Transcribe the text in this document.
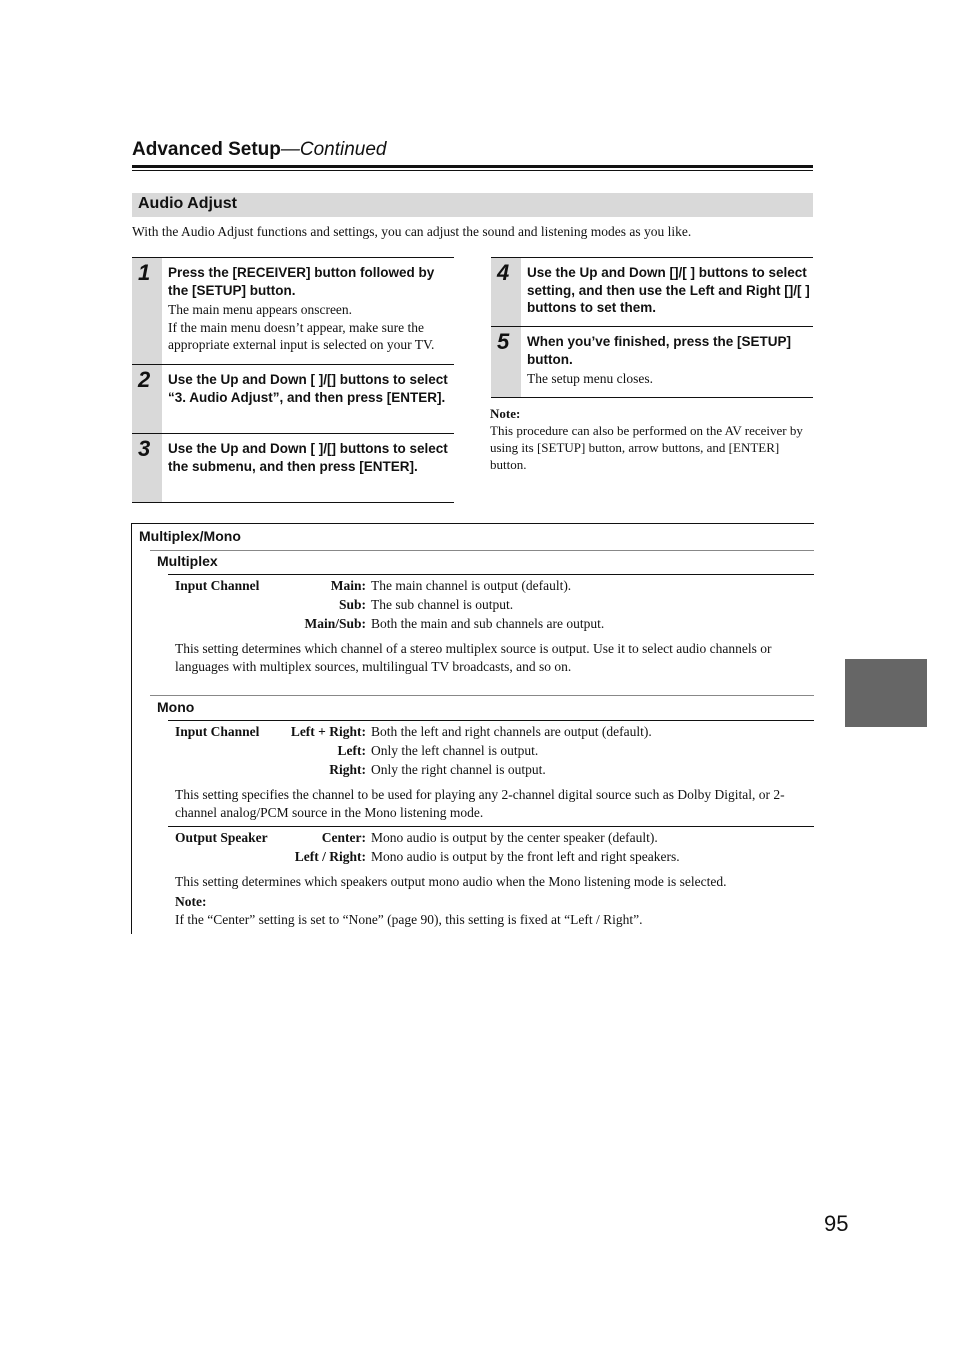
Advanced Setup—Continued
Audio Adjust
With the Audio Adjust functions and settings, you can adjust the sound and listening modes as you like.
1 Press the [RECEIVER] button followed by the [SETUP] button.
The main menu appears onscreen.
If the main menu doesn’t appear, make sure the appropriate external input is selected on your TV.
2 Use the Up and Down [ ]/[] buttons to select “3. Audio Adjust”, and then press [ENTER].
3 Use the Up and Down [ ]/[] buttons to select the submenu, and then press [ENTER].
4 Use the Up and Down []/[ ] buttons to select setting, and then use the Left and Right []/[ ] buttons to set them.
5 When you’ve finished, press the [SETUP] button.
The setup menu closes.
Note:
This procedure can also be performed on the AV receiver by using its [SETUP] button, arrow buttons, and [ENTER] button.
Multiplex/Mono
Multiplex
Input Channel	Main: The main channel is output (default).
Sub: The sub channel is output.
Main/Sub: Both the main and sub channels are output.
This setting determines which channel of a stereo multiplex source is output. Use it to select audio channels or languages with multiplex sources, multilingual TV broadcasts, and so on.
Mono
Input Channel	Left + Right: Both the left and right channels are output (default).
Left: Only the left channel is output.
Right: Only the right channel is output.
This setting specifies the channel to be used for playing any 2-channel digital source such as Dolby Digital, or 2-channel analog/PCM source in the Mono listening mode.
Output Speaker	Center: Mono audio is output by the center speaker (default).
Left / Right: Mono audio is output by the front left and right speakers.
This setting determines which speakers output mono audio when the Mono listening mode is selected.
Note:
If the “Center” setting is set to “None” (page 90), this setting is fixed at “Left / Right”.
95
